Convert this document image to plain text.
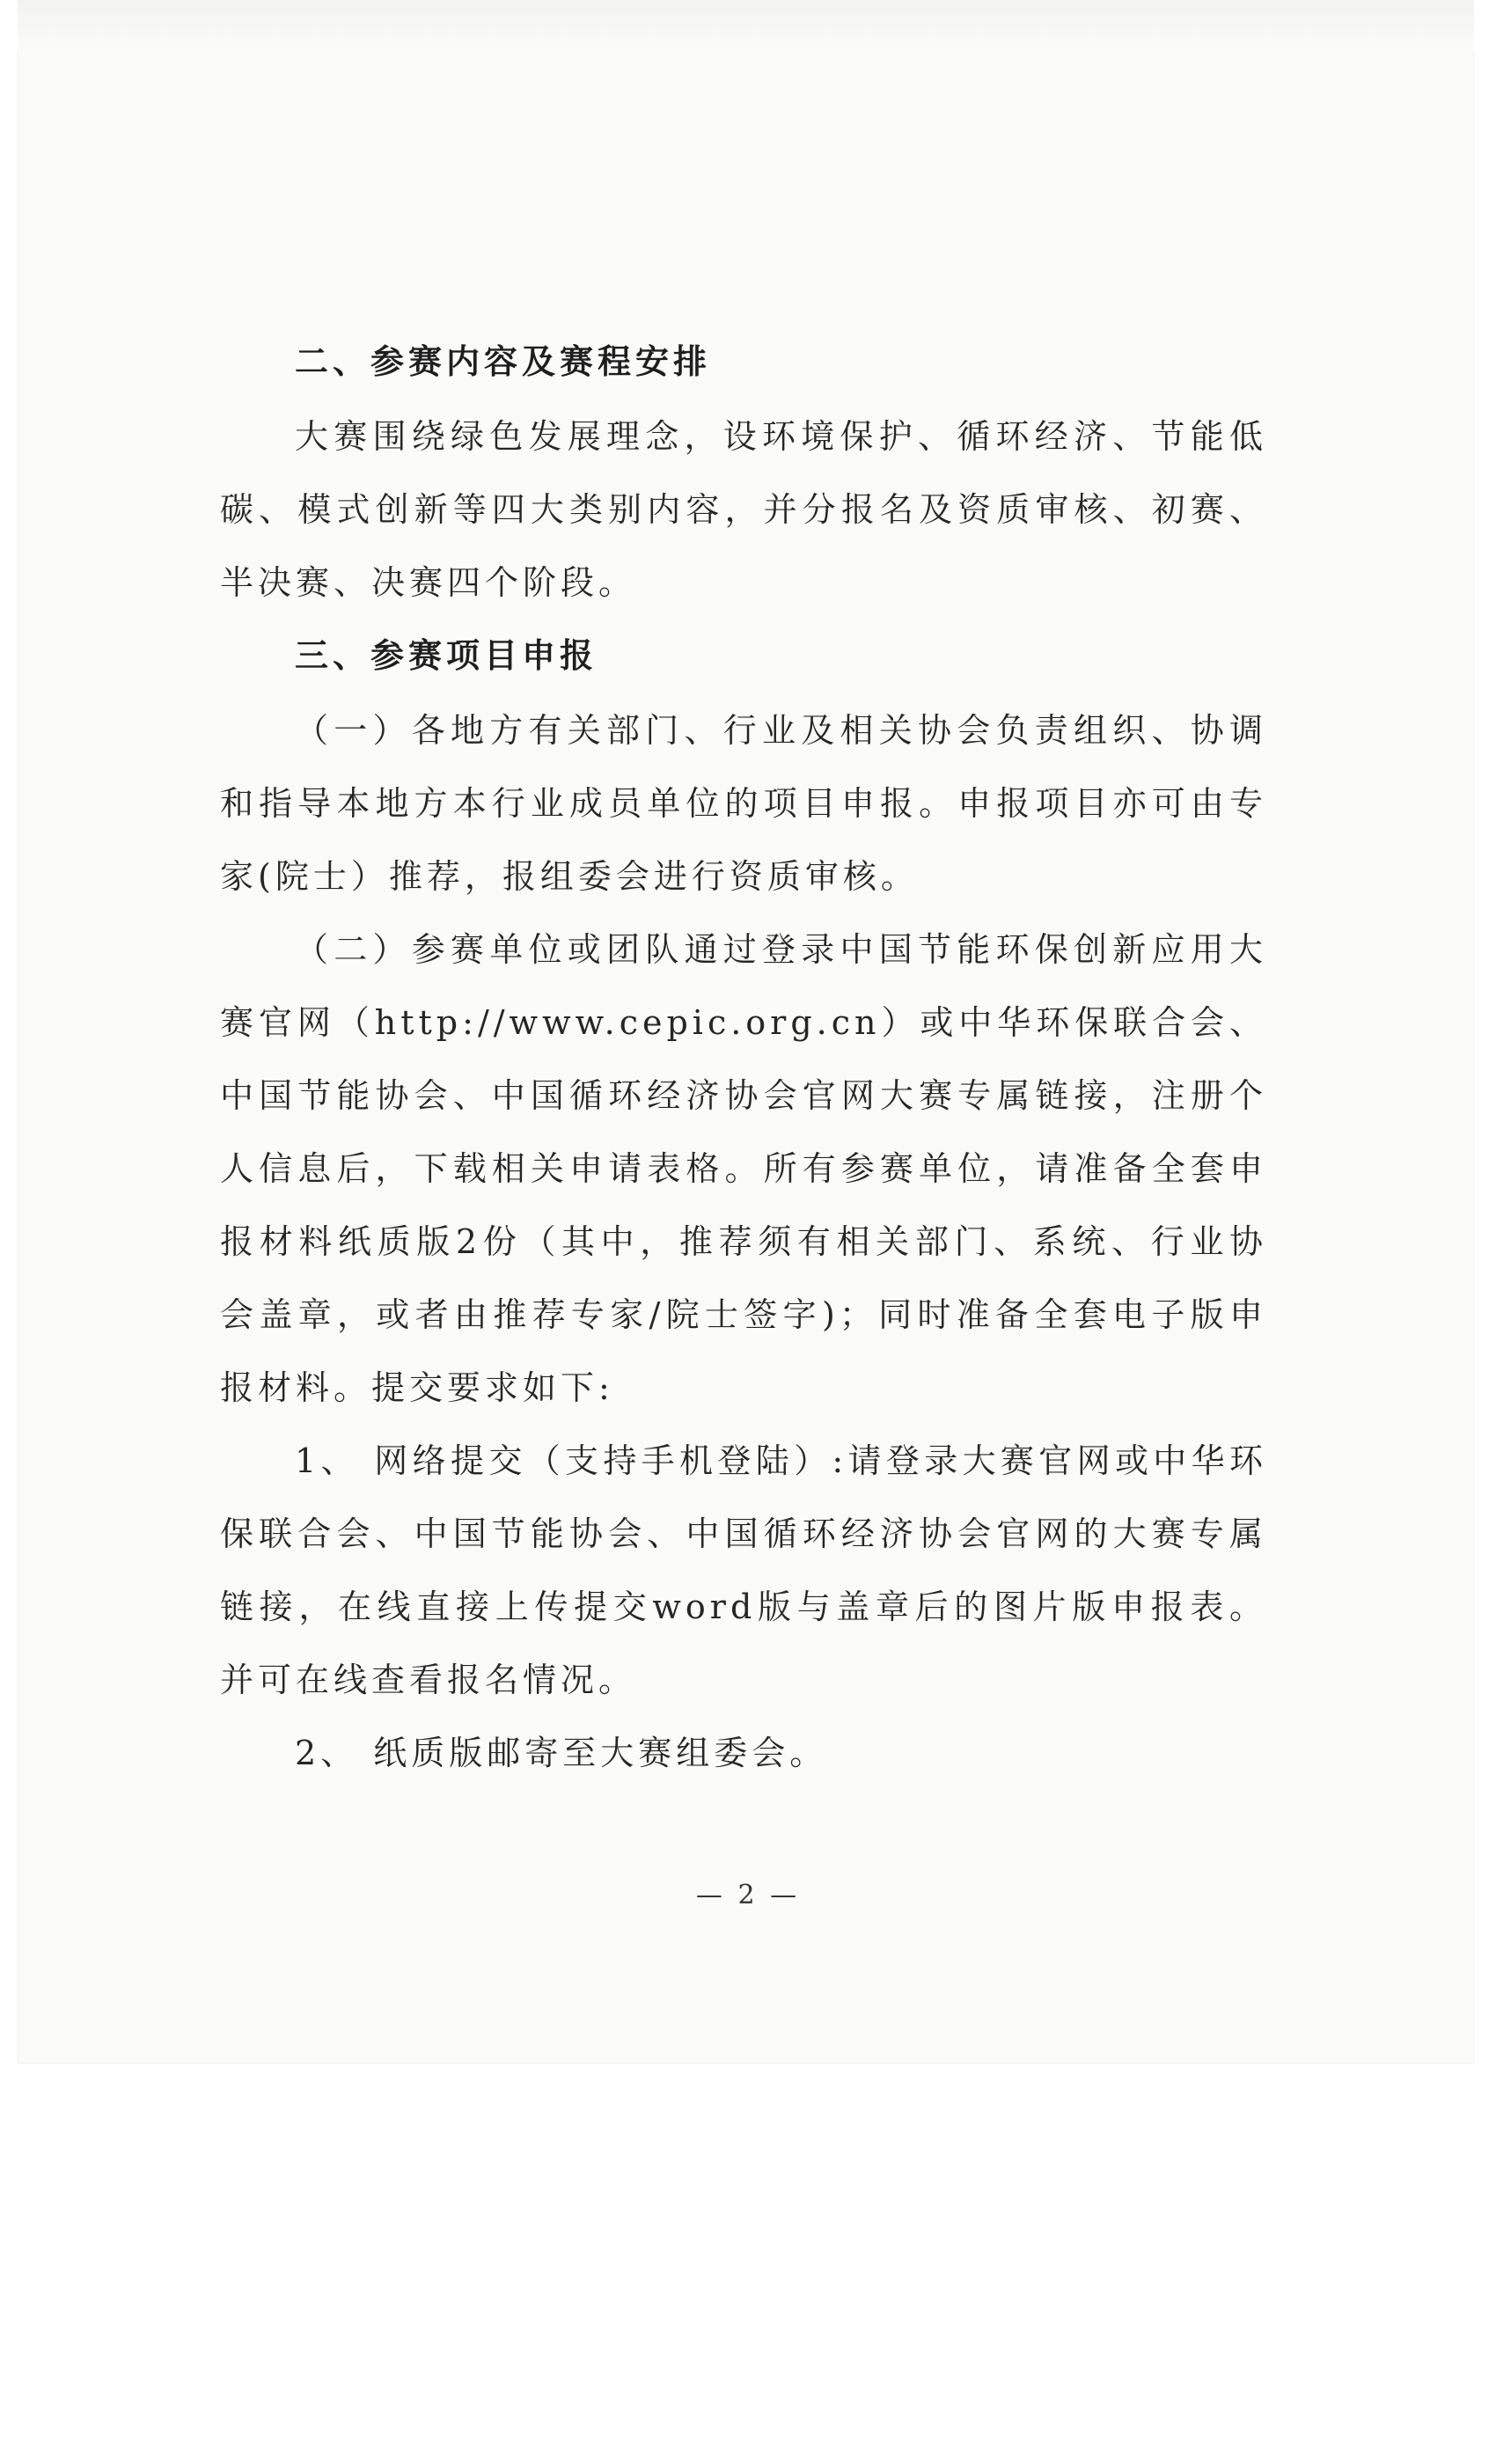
二、参赛内容及赛程安排

大赛围绕绿色发展理念，设环境保护、循环经济、节能低碳、模式创新等四大类别内容，并分报名及资质审核、初赛、半决赛、决赛四个阶段。

三、参赛项目申报

（一）各地方有关部门、行业及相关协会负责组织、协调和指导本地方本行业成员单位的项目申报。申报项目亦可由专家(院士）推荐，报组委会进行资质审核。

（二）参赛单位或团队通过登录中国节能环保创新应用大赛官网（http://www.cepic.org.cn）或中华环保联合会、中国节能协会、中国循环经济协会官网大赛专属链接，注册个人信息后，下载相关申请表格。所有参赛单位，请准备全套申报材料纸质版2份（其中，推荐须有相关部门、系统、行业协会盖章，或者由推荐专家/院士签字)；同时准备全套电子版申报材料。提交要求如下:

1、 网络提交（支持手机登陆）:请登录大赛官网或中华环保联合会、中国节能协会、中国循环经济协会官网的大赛专属链接，在线直接上传提交word版与盖章后的图片版申报表。并可在线查看报名情况。

2、 纸质版邮寄至大赛组委会。

— 2 —
